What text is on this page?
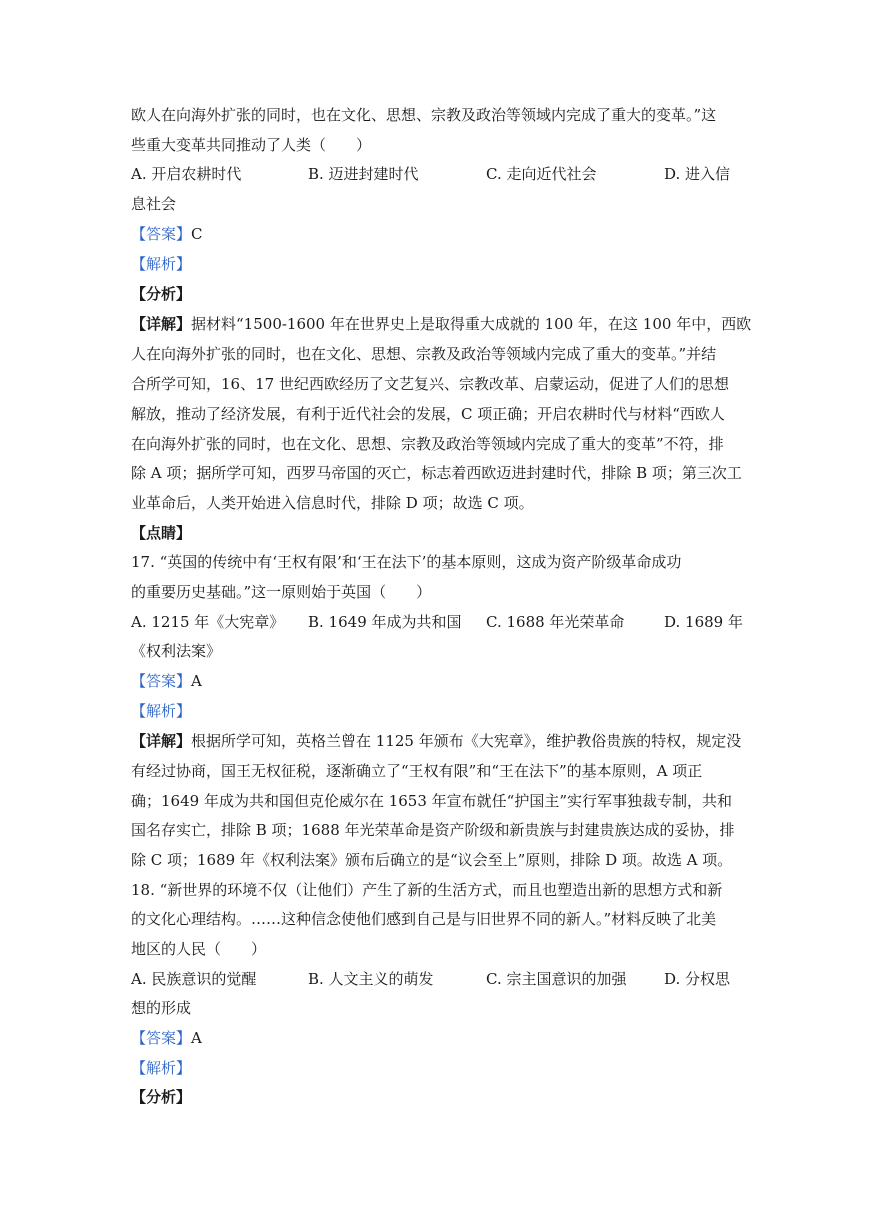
欧人在向海外扩张的同时，也在文化、思想、宗教及政治等领域内完成了重大的变革。”这
些重大变革共同推动了人类（　　）
A. 开启农耕时代	B. 迈进封建时代	C. 走向近代社会	D. 进入信
息社会
【答案】C
【解析】
【分析】
【详解】据材料“1500-1600 年在世界史上是取得重大成就的 100 年，在这 100 年中，西欧
人在向海外扩张的同时，也在文化、思想、宗教及政治等领域内完成了重大的变革。”并结
合所学可知，16、17 世纪西欧经历了文艺复兴、宗教改革、启蒙运动，促进了人们的思想
解放，推动了经济发展，有利于近代社会的发展，C 项正确；开启农耕时代与材料“西欧人
在向海外扩张的同时，也在文化、思想、宗教及政治等领域内完成了重大的变革”不符，排
除 A 项；据所学可知，西罗马帝国的灭亡，标志着西欧迈进封建时代，排除 B 项；第三次工
业革命后，人类开始进入信息时代，排除 D 项；故选 C 项。
【点睛】
17. “英国的传统中有‘王权有限’和‘王在法下’的基本原则，这成为资产阶级革命成功
的重要历史基础。”这一原则始于英国（　　）
A. 1215 年《大宪章》 B. 1649 年成为共和国 C. 1688 年光荣革命	D. 1689 年
《权利法案》
【答案】A
【解析】
【详解】根据所学可知，英格兰曾在 1125 年颁布《大宪章》，维护教俗贵族的特权，规定没
有经过协商，国王无权征税，逐渐确立了“王权有限”和“王在法下”的基本原则，A 项正
确；1649 年成为共和国但克伦威尔在 1653 年宣布就任“护国主”实行军事独裁专制，共和
国名存实亡，排除 B 项；1688 年光荣革命是资产阶级和新贵族与封建贵族达成的妥协，排
除 C 项；1689 年《权利法案》颁布后确立的是“议会至上”原则，排除 D 项。故选 A 项。
18. “新世界的环境不仅（让他们）产生了新的生活方式，而且也塑造出新的思想方式和新
的文化心理结构。……这种信念使他们感到自己是与旧世界不同的新人。”材料反映了北美
地区的人民（　　）
A. 民族意识的觉醒	B. 人文主义的萌发	C. 宗主国意识的加强	D. 分权思
想的形成
【答案】A
【解析】
【分析】
